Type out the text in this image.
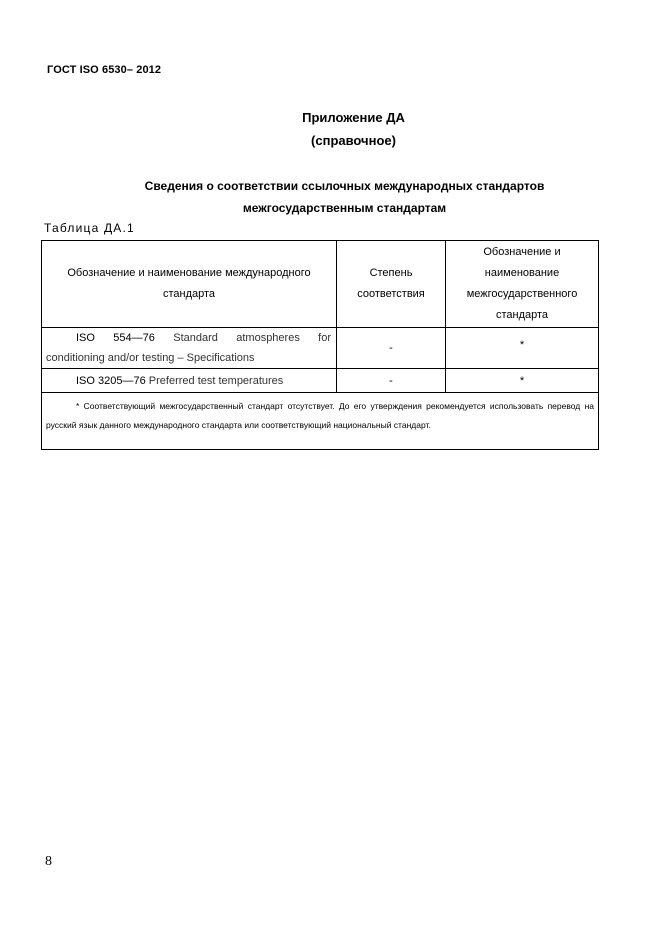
ГОСТ ISO 6530– 2012
Приложение ДА
(справочное)
Сведения о соответствии ссылочных международных стандартов
межгосударственным стандартам
Таблица ДА.1
Обозначение и наименование международного стандарта	Степень соответствия	Обозначение и наименование межгосударственного стандарта
ISO 554—76 Standard atmospheres for conditioning and/or testing – Specifications	-	*
ISO 3205—76 Preferred test temperatures	-	*
* Соответствующий межгосударственный стандарт отсутствует. До его утверждения рекомендуется использовать перевод на русский язык данного международного стандарта или соответствующий национальный стандарт.		
8
